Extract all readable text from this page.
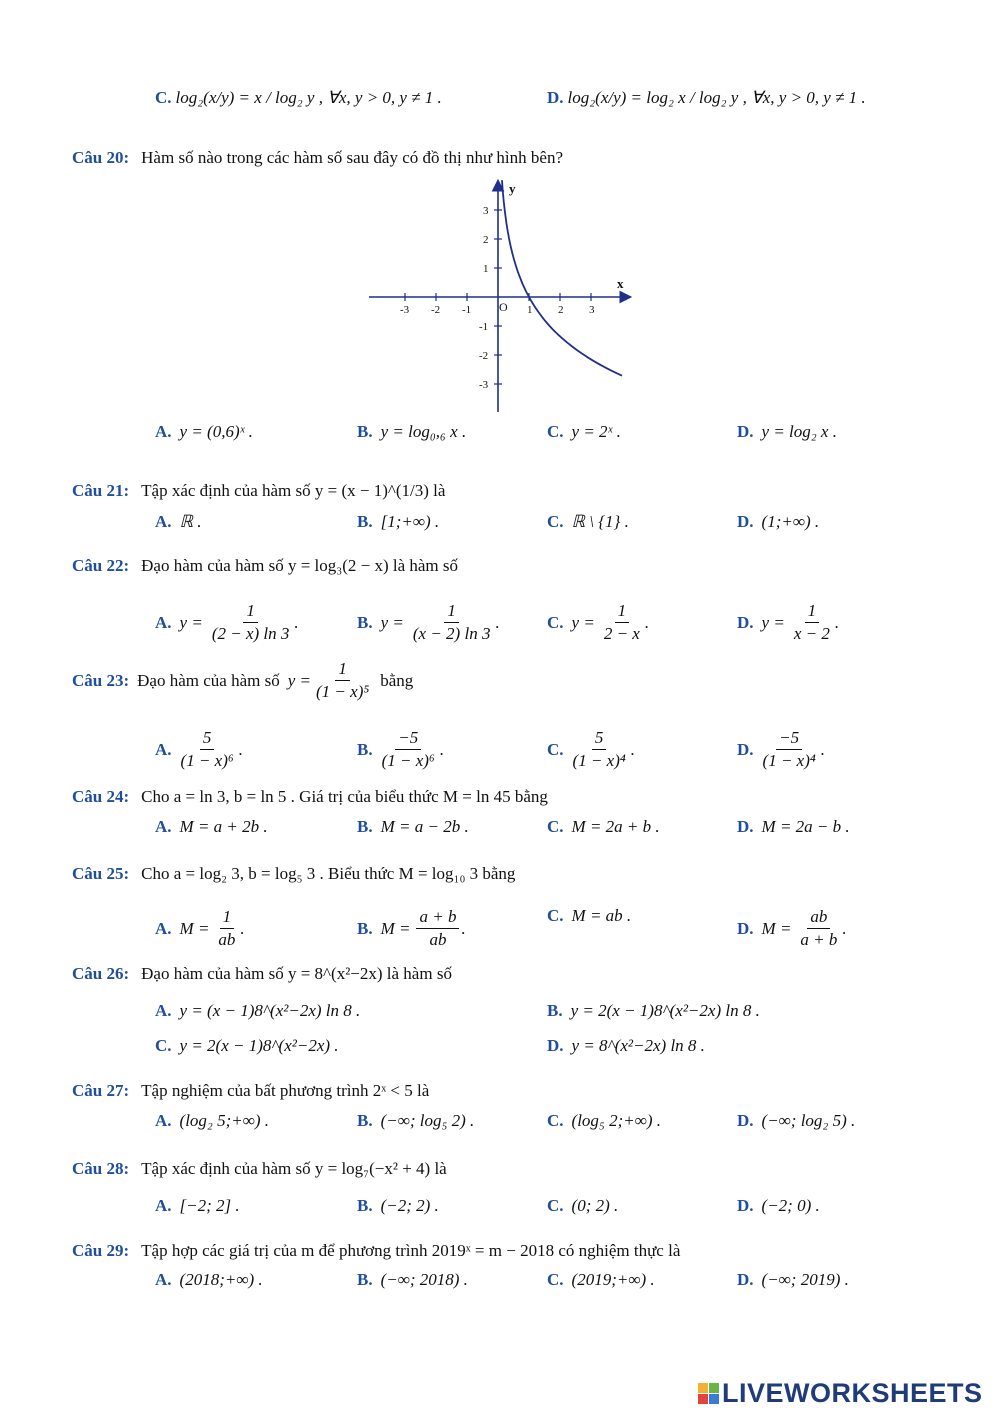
C. log₂(x/y) = x / log₂ y , ∀x, y > 0, y ≠ 1 .	D. log₂(x/y) = log₂ x / log₂ y , ∀x, y > 0, y ≠ 1 .
Câu 20: Hàm số nào trong các hàm số sau đây có đồ thị như hình bên?
-3 -2 -1	1 2 3
3
2
1
-1
-2
-3
O
x
y
Câu 21: Tập xác định của hàm số y = (x − 1)^(1/3) là
Câu 22: Đạo hàm của hàm số y = log₃(2 − x) là hàm số
Câu 23: Đạo hàm của hàm số $y = \frac{1}{\text{(1 − x)⁵}}$ bằng
Câu 24: Cho a = ln 3, b = ln 5 . Giá trị của biểu thức M = ln 45 bằng
Câu 25: Cho a = log₂ 3, b = log₅ 3 . Biểu thức M = log₁₀ 3 bằng
Câu 26: Đạo hàm của hàm số y = 8^(x²−2x) là hàm số
Câu 27: Tập nghiệm của bất phương trình 2ˣ < 5 là
Câu 28: Tập xác định của hàm số y = log₇(−x² + 4) là
Câu 29: Tập hợp các giá trị của m để phương trình 2019ˣ = m − 2018 có nghiệm thực là
A. y = (0,6)ˣ .	B. y = log₀,₆ x .	C. y = 2ˣ .	D. y = log₂ x .
A. ℝ .	B. [1;+∞) .	C. ℝ \ {1} .	D. (1;+∞) .
A. $y = \frac{1}{(2 - x) \ln 3}$ .	B. $y = \frac{1}{(x - 2) \ln 3}$ .	C. $y = \frac{1}{2 - x}$ .	D. $y = \frac{1}{x - 2}$ .
A. $\frac{5}{\text{(1 − x)⁶}}$ .	B. $\frac{-5}{\text{(1 − x)⁶}}$ .	C. $\frac{5}{\text{(1 − x)⁴}}$ .	D. $\frac{-5}{\text{(1 − x)⁴}}$ .
A. M = a + 2b .	B. M = a − 2b .	C. M = 2a + b .	D. M = 2a − b .
A. $M = \frac{1}{ab}$ .	B. $M = \frac{a + b}{ab}$ .
C. M = ab .
D. $M = \frac{ab}{a + b}$ .
A. y = (x − 1)8^(x²−2x) ln 8 .	B. y = 2(x − 1)8^(x²−2x) ln 8 .
C. y = 2(x − 1)8^(x²−2x) .	D. y = 8^(x²−2x) ln 8 .
A. (log₂ 5;+∞) .	B. (−∞; log₅ 2) .	C. (log₅ 2;+∞) .	D. (−∞; log₂ 5) .
A. [−2; 2] .	B. (−2; 2) .	C. (0; 2) .	D. (−2; 0) .
A. (2018;+∞) .	B. (−∞; 2018) .	C. (2019;+∞) .	D. (−∞; 2019) .
LIVEWORKSHEETS
